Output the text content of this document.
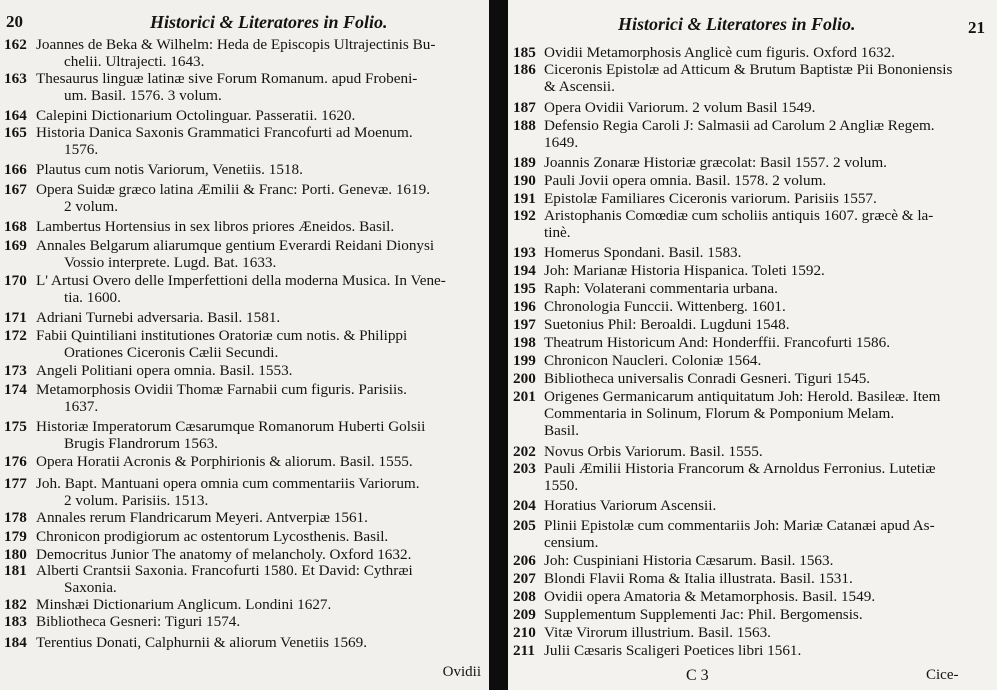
20	Historici & Literatores in Folio.
162 Joannes de Beka & Wilhelm: Heda de Episcopis Ultrajectinis Bu-
chelii. Ultrajecti. 1643.
163 Thesaurus linguæ latinæ sive Forum Romanum. apud Frobeni-
um. Basil. 1576. 3 volum.
164 Calepini Dictionarium Octolinguar. Passeratii. 1620.
165 Historia Danica Saxonis Grammatici Francofurti ad Moenum.
1576.
166 Plautus cum notis Variorum, Venetiis. 1518.
167 Opera Suidæ græco latina Æmilii & Franc: Porti. Genevæ. 1619.
2 volum.
168 Lambertus Hortensius in sex libros priores Æneidos. Basil.
169 Annales Belgarum aliarumque gentium Everardi Reidani Dionysi
Vossio interprete. Lugd. Bat. 1633.
170 L' Artusi Overo delle Imperfettioni della moderna Musica. In Vene-
tia. 1600.
171 Adriani Turnebi adversaria. Basil. 1581.
172 Fabii Quintiliani institutiones Oratoriæ cum notis. & Philippi
Orationes Ciceronis Cælii Secundi.
173 Angeli Politiani opera omnia. Basil. 1553.
174 Metamorphosis Ovidii Thomæ Farnabii cum figuris. Parisiis.
1637.
175 Historiæ Imperatorum Cæsarumque Romanorum Huberti Golsii
Brugis Flandrorum 1563.
176 Opera Horatii Acronis & Porphirionis & aliorum. Basil. 1555.
177 Joh. Bapt. Mantuani opera omnia cum commentariis Variorum.
2 volum. Parisiis. 1513.
178 Annales rerum Flandricarum Meyeri. Antverpiæ 1561.
179 Chronicon prodigiorum ac ostentorum Lycosthenis. Basil.
180 Democritus Junior The anatomy of melancholy. Oxford 1632.
181 Alberti Crantsii Saxonia. Francofurti 1580. Et David: Cythræi
Saxonia.
182 Minshæi Dictionarium Anglicum. Londini 1627.
183 Bibliotheca Gesneri: Tiguri 1574.
184 Terentius Donati, Calphurnii & aliorum Venetiis 1569.
Ovidii
Historici & Literatores in Folio.	21
185 Ovidii Metamorphosis Anglicè cum figuris. Oxford 1632.
186 Ciceronis Epistolæ ad Atticum & Brutum Baptistæ Pii Bononiensis
& Ascensii.
187 Opera Ovidii Variorum. 2 volum Basil 1549.
188 Defensio Regia Caroli J: Salmasii ad Carolum 2 Angliæ Regem.
1649.
189 Joannis Zonaræ Historiæ græcolat: Basil 1557. 2 volum.
190 Pauli Jovii opera omnia. Basil. 1578. 2 volum.
191 Epistolæ Familiares Ciceronis variorum. Parisiis 1557.
192 Aristophanis Comœdiæ cum scholiis antiquis 1607. græcè & la-
tinè.
193 Homerus Spondani. Basil. 1583.
194 Joh: Marianæ Historia Hispanica. Toleti 1592.
195 Raph: Volaterani commentaria urbana.
196 Chronologia Funccii. Wittenberg. 1601.
197 Suetonius Phil: Beroaldi. Lugduni 1548.
198 Theatrum Historicum And: Honderffii. Francofurti 1586.
199 Chronicon Naucleri. Coloniæ 1564.
200 Bibliotheca universalis Conradi Gesneri. Tiguri 1545.
201 Origenes Germanicarum antiquitatum Joh: Herold. Basileæ. Item
Commentaria in Solinum, Florum & Pomponium Melam.
Basil.
202 Novus Orbis Variorum. Basil. 1555.
203 Pauli Æmilii Historia Francorum & Arnoldus Ferronius. Lutetiæ
1550.
204 Horatius Variorum Ascensii.
205 Plinii Epistolæ cum commentariis Joh: Mariæ Catanæi apud As-
censium.
206 Joh: Cuspiniani Historia Cæsarum. Basil. 1563.
207 Blondi Flavii Roma & Italia illustrata. Basil. 1531.
208 Ovidii opera Amatoria & Metamorphosis. Basil. 1549.
209 Supplementum Supplementi Jac: Phil. Bergomensis.
210 Vitæ Virorum illustrium. Basil. 1563.
211 Julii Cæsaris Scaligeri Poetices libri 1561.
C 3	Cice-
